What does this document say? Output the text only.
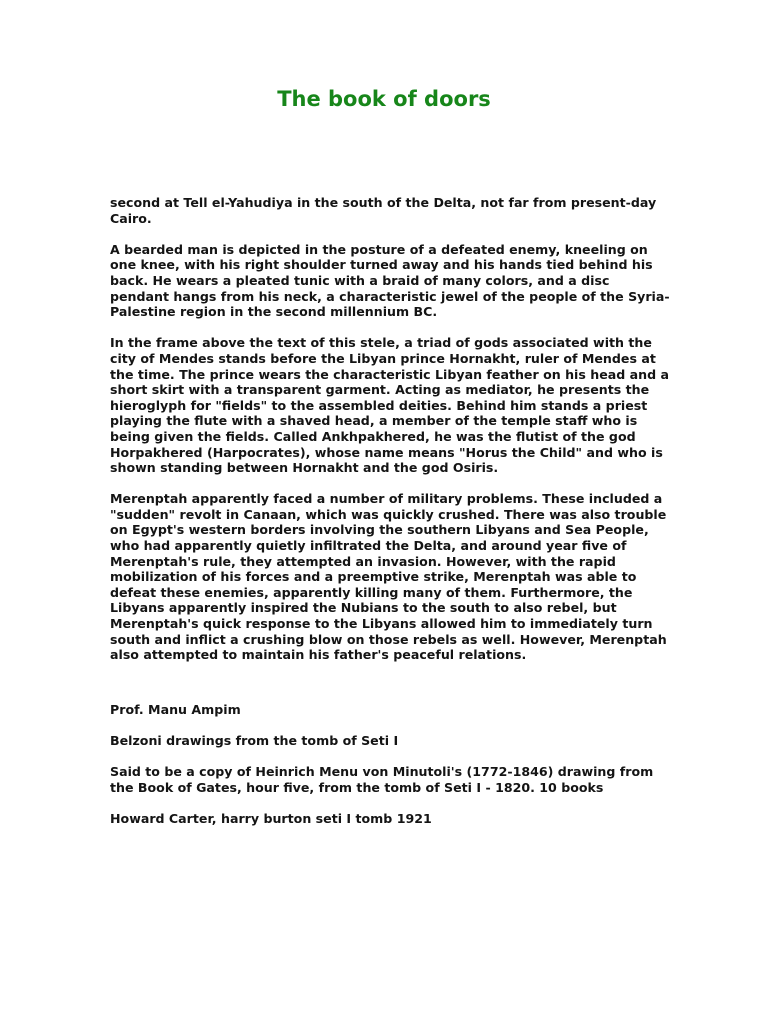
The book of doors

second at Tell el-Yahudiya in the south of the Delta, not far from present-day Cairo.

A bearded man is depicted in the posture of a defeated enemy, kneeling on one knee, with his right shoulder turned away and his hands tied behind his back. He wears a pleated tunic with a braid of many colors, and a disc pendant hangs from his neck, a characteristic jewel of the people of the Syria-Palestine region in the second millennium BC.

In the frame above the text of this stele, a triad of gods associated with the city of Mendes stands before the Libyan prince Hornakht, ruler of Mendes at the time. The prince wears the characteristic Libyan feather on his head and a short skirt with a transparent garment. Acting as mediator, he presents the hieroglyph for "fields" to the assembled deities. Behind him stands a priest playing the flute with a shaved head, a member of the temple staff who is being given the fields. Called Ankhpakhered, he was the flutist of the god Horpakhered (Harpocrates), whose name means "Horus the Child" and who is shown standing between Hornakht and the god Osiris.

Merenptah apparently faced a number of military problems. These included a "sudden" revolt in Canaan, which was quickly crushed. There was also trouble on Egypt's western borders involving the southern Libyans and Sea People, who had apparently quietly infiltrated the Delta, and around year five of Merenptah's rule, they attempted an invasion. However, with the rapid mobilization of his forces and a preemptive strike, Merenptah was able to defeat these enemies, apparently killing many of them. Furthermore, the Libyans apparently inspired the Nubians to the south to also rebel, but Merenptah's quick response to the Libyans allowed him to immediately turn south and inflict a crushing blow on those rebels as well. However, Merenptah also attempted to maintain his father's peaceful relations.

Prof. Manu Ampim

Belzoni drawings from the tomb of Seti I

Said to be a copy of Heinrich Menu von Minutoli's (1772-1846) drawing from the Book of Gates, hour five, from the tomb of Seti I - 1820. 10 books

Howard Carter, harry burton seti I tomb 1921
